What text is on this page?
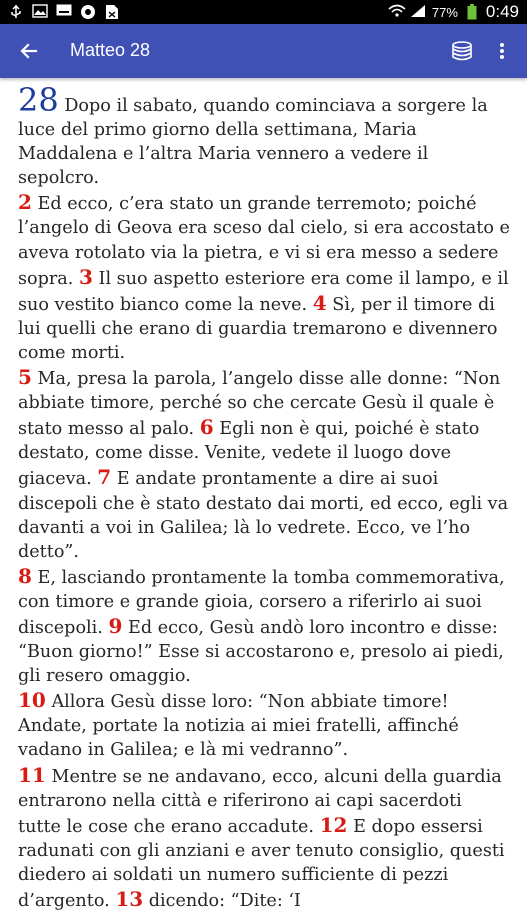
77% 0:49
Matteo 28
28 Dopo il sabato, quando cominciava a sorgere la luce del primo giorno della settimana, Maria Maddalena e l’altra Maria vennero a vedere il sepolcro.
2 Ed ecco, c’era stato un grande terremoto; poiché l’angelo di Geova era sceso dal cielo, si era accostato e aveva rotolato via la pietra, e vi si era messo a sedere sopra. 3 Il suo aspetto esteriore era come il lampo, e il suo vestito bianco come la neve. 4 Sì, per il timore di lui quelli che erano di guardia tremarono e divennero come morti.
5 Ma, presa la parola, l’angelo disse alle donne: “Non abbiate timore, perché so che cercate Gesù il quale è stato messo al palo. 6 Egli non è qui, poiché è stato destato, come disse. Venite, vedete il luogo dove giaceva. 7 E andate prontamente a dire ai suoi discepoli che è stato destato dai morti, ed ecco, egli va davanti a voi in Galilea; là lo vedrete. Ecco, ve l’ho detto”.
8 E, lasciando prontamente la tomba commemorativa, con timore e grande gioia, corsero a riferirlo ai suoi discepoli. 9 Ed ecco, Gesù andò loro incontro e disse: “Buon giorno!” Esse si accostarono e, presolo ai piedi, gli resero omaggio.
10 Allora Gesù disse loro: “Non abbiate timore! Andate, portate la notizia ai miei fratelli, affinché vadano in Galilea; e là mi vedranno”.
11 Mentre se ne andavano, ecco, alcuni della guardia entrarono nella città e riferirono ai capi sacerdoti tutte le cose che erano accadute. 12 E dopo essersi radunati con gli anziani e aver tenuto consiglio, questi diedero ai soldati un numero sufficiente di pezzi d’argento. 13 dicendo: “Dite: ‘I
